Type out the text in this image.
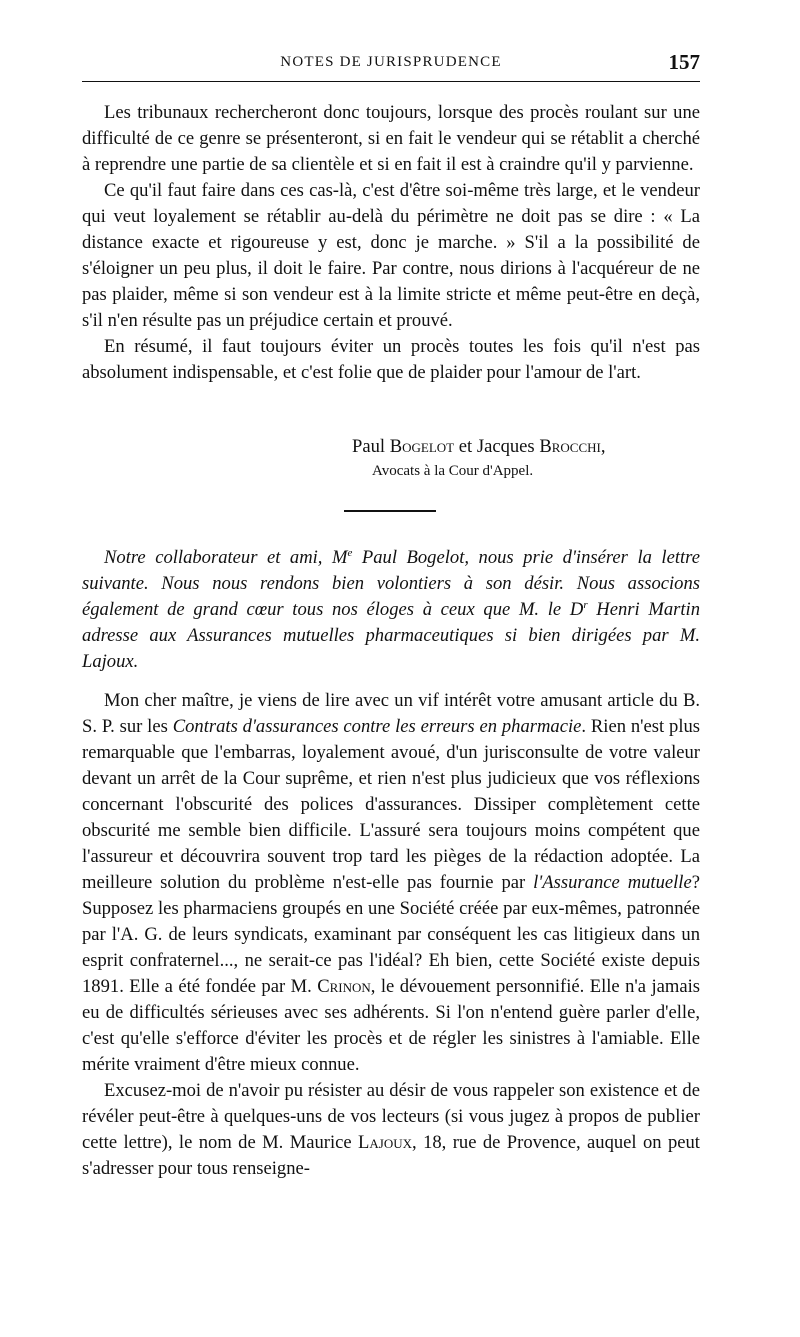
NOTES DE JURISPRUDENCE	157

Les tribunaux rechercheront donc toujours, lorsque des procès roulant sur une difficulté de ce genre se présenteront, si en fait le vendeur qui se rétablit a cherché à reprendre une partie de sa clientèle et si en fait il est à craindre qu'il y parvienne.

Ce qu'il faut faire dans ces cas-là, c'est d'être soi-même très large, et le vendeur qui veut loyalement se rétablir au-delà du périmètre ne doit pas se dire : « La distance exacte et rigoureuse y est, donc je marche. » S'il a la possibilité de s'éloigner un peu plus, il doit le faire. Par contre, nous dirions à l'acquéreur de ne pas plaider, même si son vendeur est à la limite stricte et même peut-être en deçà, s'il n'en résulte pas un préjudice certain et prouvé.

En résumé, il faut toujours éviter un procès toutes les fois qu'il n'est pas absolument indispensable, et c'est folie que de plaider pour l'amour de l'art.

Paul Bogelot et Jacques Brocchi,
Avocats à la Cour d'Appel.

Notre collaborateur et ami, Me Paul Bogelot, nous prie d'insérer la lettre suivante. Nous nous rendons bien volontiers à son désir. Nous associons également de grand cœur tous nos éloges à ceux que M. le $D^r$ Henri Martin adresse aux Assurances mutuelles pharmaceutiques si bien dirigées par M. Lajoux.

Mon cher maître, je viens de lire avec un vif intérêt votre amusant article du B. S. P. sur les Contrats d'assurances contre les erreurs en pharmacie. Rien n'est plus remarquable que l'embarras, loyalement avoué, d'un jurisconsulte de votre valeur devant un arrêt de la Cour suprême, et rien n'est plus judicieux que vos réflexions concernant l'obscurité des polices d'assurances. Dissiper complètement cette obscurité me semble bien difficile. L'assuré sera toujours moins compétent que l'assureur et découvrira souvent trop tard les pièges de la rédaction adoptée. La meilleure solution du problème n'est-elle pas fournie par l'Assurance mutuelle? Supposez les pharmaciens groupés en une Société créée par eux-mêmes, patronnée par l'A. G. de leurs syndicats, examinant par conséquent les cas litigieux dans un esprit confraternel..., ne serait-ce pas l'idéal? Eh bien, cette Société existe depuis 1891. Elle a été fondée par M. Crinon, le dévouement personnifié. Elle n'a jamais eu de difficultés sérieuses avec ses adhérents. Si l'on n'entend guère parler d'elle, c'est qu'elle s'efforce d'éviter les procès et de régler les sinistres à l'amiable. Elle mérite vraiment d'être mieux connue.

Excusez-moi de n'avoir pu résister au désir de vous rappeler son existence et de révéler peut-être à quelques-uns de vos lecteurs (si vous jugez à propos de publier cette lettre), le nom de M. Maurice Lajoux, 18, rue de Provence, auquel on peut s'adresser pour tous renseigne-
